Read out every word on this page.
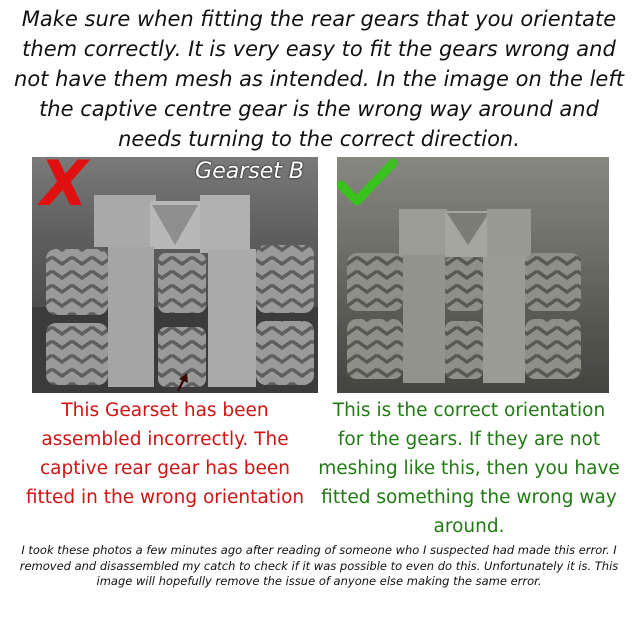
Make sure when fitting the rear gears that you orientate them correctly. It is very easy to fit the gears wrong and not have them mesh as intended. In the image on the left the captive centre gear is the wrong way around and needs turning to the correct direction.

X	Gearset B

This Gearset has been assembled incorrectly. The captive rear gear has been fitted in the wrong orientation

This is the correct orientation for the gears. If they are not meshing like this, then you have fitted something the wrong way around.

I took these photos a few minutes ago after reading of someone who I suspected had made this error. I removed and disassembled my catch to check if it was possible to even do this. Unfortunately it is. This image will hopefully remove the issue of anyone else making the same error.
